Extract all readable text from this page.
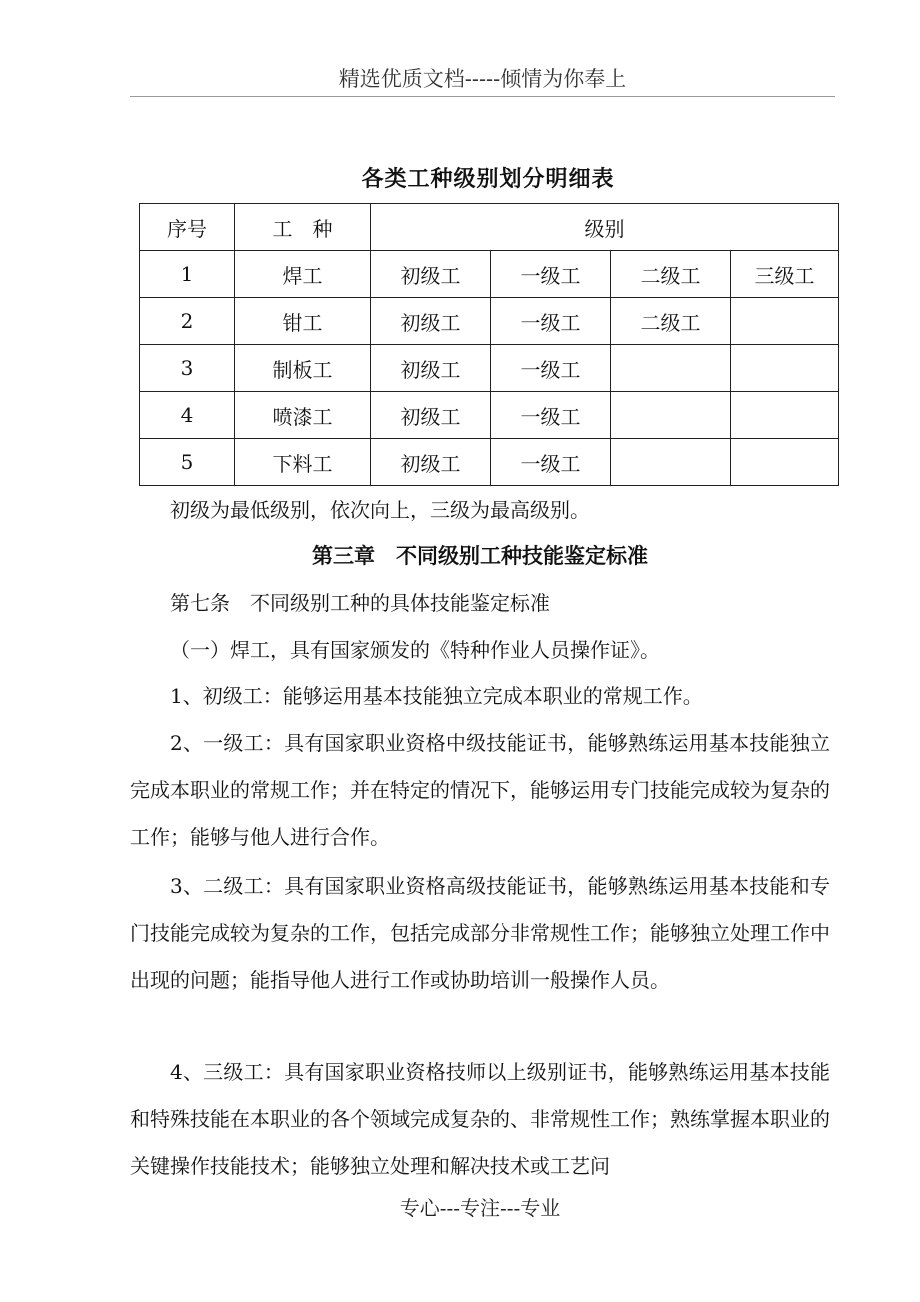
精选优质文档-----倾情为你奉上
各类工种级别划分明细表
序号	工　种	级别			
1	焊工	初级工	一级工	二级工	三级工
2	钳工	初级工	一级工	二级工	
3	制板工	初级工	一级工		
4	喷漆工	初级工	一级工		
5	下料工	初级工	一级工		
初级为最低级别，依次向上，三级为最高级别。
第三章　不同级别工种技能鉴定标准
第七条　不同级别工种的具体技能鉴定标准
（一）焊工，具有国家颁发的《特种作业人员操作证》。
1、初级工：能够运用基本技能独立完成本职业的常规工作。
2、一级工：具有国家职业资格中级技能证书，能够熟练运用基本技能独立完成本职业的常规工作；并在特定的情况下，能够运用专门技能完成较为复杂的工作；能够与他人进行合作。
3、二级工：具有国家职业资格高级技能证书，能够熟练运用基本技能和专门技能完成较为复杂的工作，包括完成部分非常规性工作；能够独立处理工作中出现的问题；能指导他人进行工作或协助培训一般操作人员。
4、三级工：具有国家职业资格技师以上级别证书，能够熟练运用基本技能和特殊技能在本职业的各个领域完成复杂的、非常规性工作；熟练掌握本职业的关键操作技能技术；能够独立处理和解决技术或工艺问
专心---专注---专业
